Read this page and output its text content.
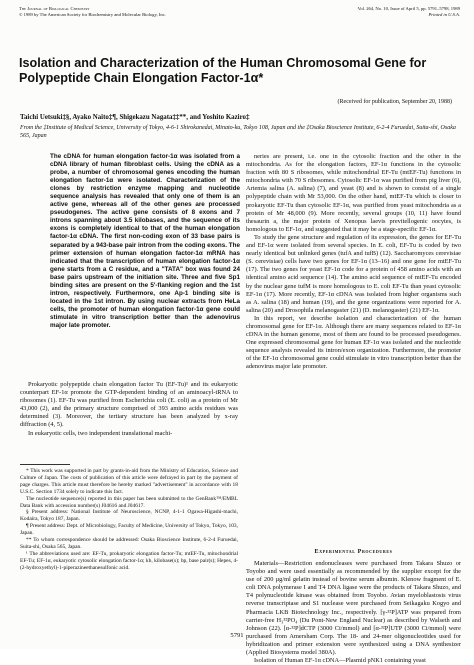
The Journal of Biological Chemistry
© 1989 by The American Society for Biochemistry and Molecular Biology, Inc.
Vol. 264, No. 10, Issue of April 5, pp. 5791–5798, 1989
Printed in U.S.A.
Isolation and Characterization of the Human Chromosomal Gene for Polypeptide Chain Elongation Factor-1α*
(Received for publication, September 20, 1988)
Taichi Uetsuki‡§, Ayako Naito‡¶, Shigekazu Nagata‡‡**, and Yoshito Kaziro‡
From the ‡Institute of Medical Science, University of Tokyo, 4-6-1 Shirokanedai, Minato-ku, Tokyo 108, Japan and the ‡Osaka Bioscience Institute, 6-2-4 Furuedai, Suita-shi, Osaka 565, Japan
The cDNA for human elongation factor-1α was isolated from a cDNA library of human fibroblast cells. Using the cDNA as a probe, a number of chromosomal genes encoding the human elongation factor-1α were isolated. Characterization of the clones by restriction enzyme mapping and nucleotide sequence analysis has revealed that only one of them is an active gene, whereas all of the other genes are processed pseudogenes. The active gene consists of 8 exons and 7 introns spanning about 3.5 kilobases, and the sequence of its exons is completely identical to that of the human elongation factor-1α cDNA. The first non-coding exon of 33 base pairs is separated by a 943-base pair intron from the coding exons. The primer extension of human elongation factor-1α mRNA has indicated that the transcription of human elongation factor-1α gene starts from a C residue, and a "TATA" box was found 24 base pairs upstream of the initiation site. Three and five Sp1 binding sites are present on the 5'-flanking region and the 1st intron, respectively. Furthermore, one Ap-1 binding site is located in the 1st intron. By using nuclear extracts from HeLa cells, the promoter of human elongation factor-1α gene could stimulate in vitro transcription better than the adenovirus major late promoter.

neries are present, i.e. one in the cytosolic fraction and the other in the mitochondria. As for the elongation factors, EF-1α functions in the cytosolic fraction with 80 S ribosomes, while mitochondrial EF-Tu (mtEF-Tu) functions in mitochondria with 70 S ribosomes. Cytosolic EF-1α was purified from pig liver (6), Artemia salina (A. salina) (7), and yeast (8) and is shown to consist of a single polypeptide chain with Mr 53,000. On the other hand, mtEF-Tu which is closer to prokaryotic EF-Tu than cytosolic EF-1α, was purified from yeast mitochondria as a protein of Mr 48,000 (9). More recently, several groups (10, 11) have found thesaurin a, the major protein of Xenopus laevis previtellogenic oocytes, is homologous to EF-1α, and suggested that it may be a stage-specific EF-1α.

To study the gene structure and regulation of its expression, the genes for EF-Tu and EF-1α were isolated from several species. In E. coli, EF-Tu is coded by two nearly identical but unlinked genes (tufA and tufB) (12). Saccharomyces cerevisiae (S. cerevisiae) cells have two genes for EF-1α (13–16) and one gene for mtEF-Tu (17). The two genes for yeast EF-1α code for a protein of 458 amino acids with an identical amino acid sequence (14). The amino acid sequence of mtEF-Tu encoded by the nuclear gene tufM is more homologous to E. coli EF-Tu than yeast cytosolic EF-1α (17). More recently, EF-1α cDNA was isolated from higher organisms such as A. salina (18) and human (19), and the gene organizations were reported for A. salina (20) and Drosophila melanogaster (21) (D. melanogaster) (21) EF-1α.

In this report, we describe isolation and characterization of the human chromosomal gene for EF-1α. Although there are many sequences related to EF-1α cDNA in the human genome, most of them are found to be processed pseudogenes. One expressed chromosomal gene for human EF-1α was isolated and the nucleotide sequence analysis revealed its intron/exon organization. Furthermore, the promoter of the EF-1α chromosomal gene could stimulate in vitro transcription better than the adenovirus major late promoter.

Prokaryotic polypeptide chain elongation factor Tu (EF-Tu)¹ and its eukaryotic counterpart EF-1α promote the GTP-dependent binding of an aminoacyl-tRNA to ribosomes (1). EF-Tu was purified from Escherichia coli (E. coli) as a protein of Mr 43,000 (2), and the primary structure comprised of 393 amino acids residues was determined (3). Moreover, the tertiary structure has been analyzed by x-ray diffraction (4, 5).

In eukaryotic cells, two independent translational machi-

* This work was supported in part by grants-in-aid from the Ministry of Education, Science and Culture of Japan. The costs of publication of this article were defrayed in part by the payment of page charges. This article must therefore be hereby marked "advertisement" in accordance with 18 U.S.C. Section 1734 solely to indicate this fact.

The nucleotide sequence(s) reported in this paper has been submitted to the GenBank™/EMBL Data Bank with accession number(s) J04616 and J04617.

§ Present address: National Institute of Neuroscience, NCNP, 4-1-1 Ogawa-Higashi-machi, Kodaira, Tokyo 187, Japan.

¶ Present address: Dept. of Microbiology, Faculty of Medicine, University of Tokyo, Tokyo, 103, Japan.

** To whom correspondence should be addressed: Osaka Bioscience Institute, 6-2-4 Furuedai, Suita-shi, Osaka 565, Japan.

¹ The abbreviations used are: EF-Tu, prokaryotic elongation factor-Tu; mtEF-Tu, mitochondrial EF-Tu; EF-1α, eukaryotic cytosolic elongation factor-1α; kb, kilobase(s); bp, base pair(s); Hepes, 4-(2-hydroxyethyl)-1-piperazineethanesulfonic acid.

Experimental Procedures

Materials—Restriction endonucleases were purchased from Takara Shuzo or Toyobo and were used essentially as recommended by the supplier except for the use of 200 µg/ml gelatin instead of bovine serum albumin. Klenow fragment of E. coli DNA polymerase I and T4 DNA ligase were the products of Takara Shuzo, and T4 polynucleotide kinase was obtained from Toyobo. Avian myeloblastosis virus reverse transcriptase and S1 nuclease were purchased from Seikagaku Kogyo and Pharmacia LKB Biotechnology Inc., respectively. [γ-³²P]ATP was prepared from carrier-free H₃³²PO₄ (Du Pont-New England Nuclear) as described by Walseth and Johnson (22). [α-³²P]dCTP (3000 Ci/mmol) and [α-³²P]UTP (3000 Ci/mmol) were purchased from Amersham Corp. The 18- and 24-mer oligonucleotides used for hybridization and primer extension were synthesized using a DNA synthesizer (Applied Biosystems model 380A).

Isolation of Human EF-1α cDNA—Plasmid pNK1 containing yeast

5791
